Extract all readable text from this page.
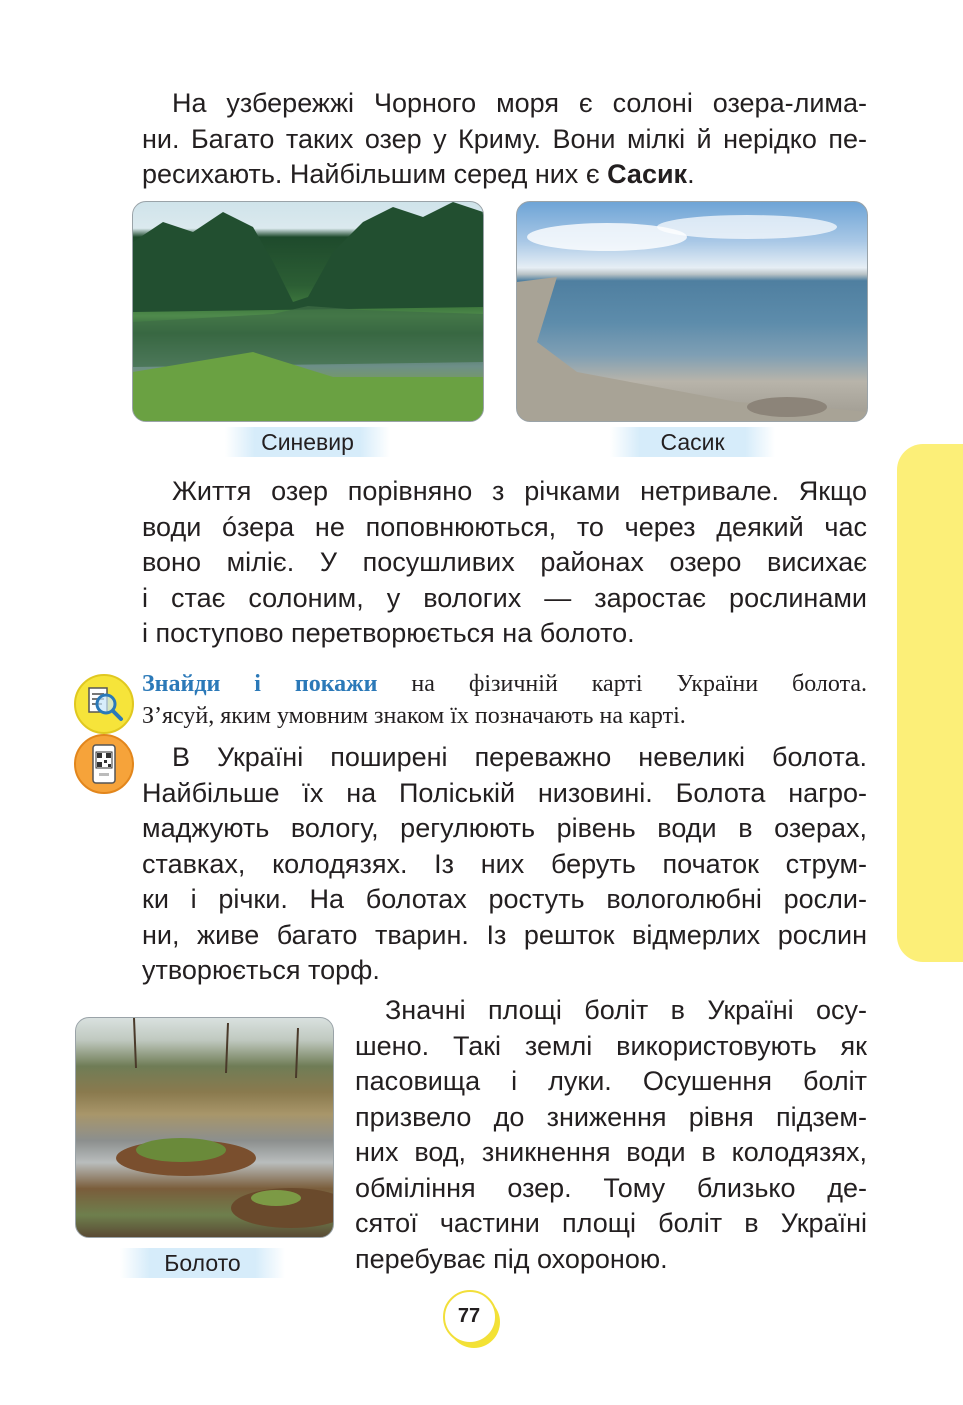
На узбережжі Чорного моря є солоні озера-лима-
ни. Багато таких озер у Криму. Вони мілкі й нерідко пе-
ресихають. Найбільшим серед них є Сасик.

Синевир	Сасик

Життя озер порівняно з річками нетривале. Якщо
води óзера не поповнюються, то через деякий час
воно міліє. У посушливих районах озеро висихає
і стає солоним, у вологих — заростає рослинами
і поступово перетворюється на болото.

Знайди і покажи на фізичній карті України болота.
З’ясуй, яким умовним знаком їх позначають на карті.

В Україні поширені переважно невеликі болота.
Найбільше їх на Поліській низовині. Болота нагро-
маджують вологу, регулюють рівень води в озерах,
ставках, колодязях. Із них беруть початок струм-
ки і річки. На болотах ростуть вологолюбні росли-
ни, живе багато тварин. Із решток відмерлих рослин
утворюється торф.

Болото

Значні площі боліт в Україні осу-
шено. Такі землі використовують як
пасовища і луки. Осушення боліт
призвело до зниження рівня підзем-
них вод, зникнення води в колодязях,
обміління озер. Тому близько де-
сятої частини площі боліт в Україні
перебуває під охороною.

77
